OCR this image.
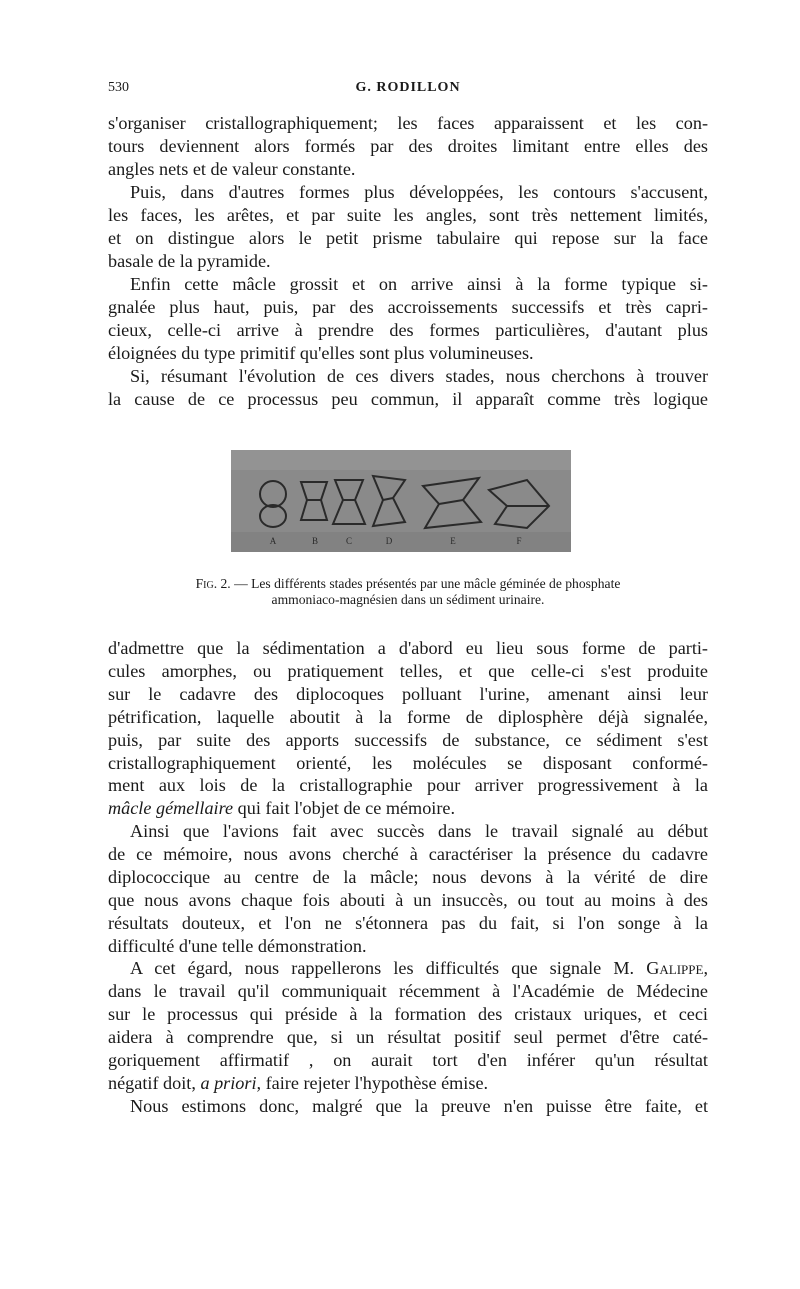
530	G. RODILLON

s'organiser cristallographiquement; les faces apparaissent et les con-
tours deviennent alors formés par des droites limitant entre elles des
angles nets et de valeur constante.

Puis, dans d'autres formes plus développées, les contours s'accusent,
les faces, les arêtes, et par suite les angles, sont très nettement limités,
et on distingue alors le petit prisme tabulaire qui repose sur la face
basale de la pyramide.

Enfin cette mâcle grossit et on arrive ainsi à la forme typique si-
gnalée plus haut, puis, par des accroissements successifs et très capri-
cieux, celle-ci arrive à prendre des formes particulières, d'autant plus
éloignées du type primitif qu'elles sont plus volumineuses.

Si, résumant l'évolution de ces divers stades, nous cherchons à trouver
la cause de ce processus peu commun, il apparaît comme très logique

A	B	C	D	E	F
Fig. 2. — Les différents stades présentés par une mâcle géminée de phosphate
ammoniaco-magnésien dans un sédiment urinaire.

d'admettre que la sédimentation a d'abord eu lieu sous forme de parti-
cules amorphes, ou pratiquement telles, et que celle-ci s'est produite
sur le cadavre des diplocoques polluant l'urine, amenant ainsi leur
pétrification, laquelle aboutit à la forme de diplosphère déjà signalée,
puis, par suite des apports successifs de substance, ce sédiment s'est
cristallographiquement orienté, les molécules se disposant conformé-
ment aux lois de la cristallographie pour arriver progressivement à la
mâcle gémellaire qui fait l'objet de ce mémoire.

Ainsi que l'avions fait avec succès dans le travail signalé au début
de ce mémoire, nous avons cherché à caractériser la présence du cadavre
diplococcique au centre de la mâcle; nous devons à la vérité de dire
que nous avons chaque fois abouti à un insuccès, ou tout au moins à des
résultats douteux, et l'on ne s'étonnera pas du fait, si l'on songe à la
difficulté d'une telle démonstration.

A cet égard, nous rappellerons les difficultés que signale M. Galippe,
dans le travail qu'il communiquait récemment à l'Académie de Médecine
sur le processus qui préside à la formation des cristaux uriques, et ceci
aidera à comprendre que, si un résultat positif seul permet d'être caté-
goriquement affirmatif , on aurait tort d'en inférer qu'un résultat
négatif doit, a priori, faire rejeter l'hypothèse émise.

Nous estimons donc, malgré que la preuve n'en puisse être faite, et
